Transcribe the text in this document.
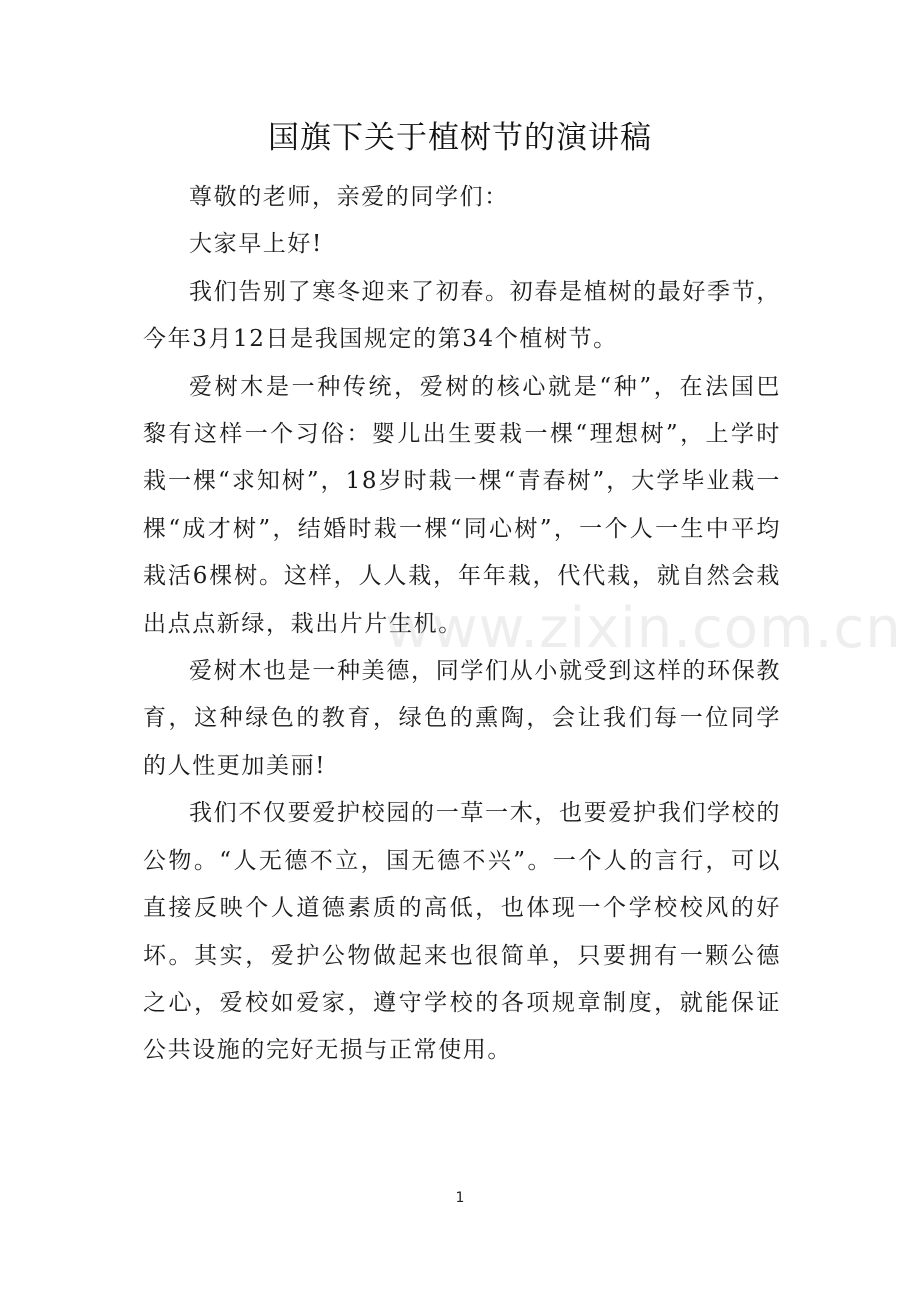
国旗下关于植树节的演讲稿

尊敬的老师，亲爱的同学们：

大家早上好!

我们告别了寒冬迎来了初春。初春是植树的最好季节，今年3月12日是我国规定的第34个植树节。

爱树木是一种传统，爱树的核心就是“种”，在法国巴黎有这样一个习俗：婴儿出生要栽一棵“理想树”，上学时栽一棵“求知树”，18岁时栽一棵“青春树”，大学毕业栽一棵“成才树”，结婚时栽一棵“同心树”，一个人一生中平均栽活6棵树。这样，人人栽，年年栽，代代栽，就自然会栽出点点新绿，栽出片片生机。

爱树木也是一种美德，同学们从小就受到这样的环保教育，这种绿色的教育，绿色的熏陶，会让我们每一位同学的人性更加美丽!

我们不仅要爱护校园的一草一木，也要爱护我们学校的公物。“人无德不立，国无德不兴”。一个人的言行，可以直接反映个人道德素质的高低，也体现一个学校校风的好坏。其实，爱护公物做起来也很简单，只要拥有一颗公德之心，爱校如爱家，遵守学校的各项规章制度，就能保证公共设施的完好无损与正常使用。

www.zixin.com.cn
1
